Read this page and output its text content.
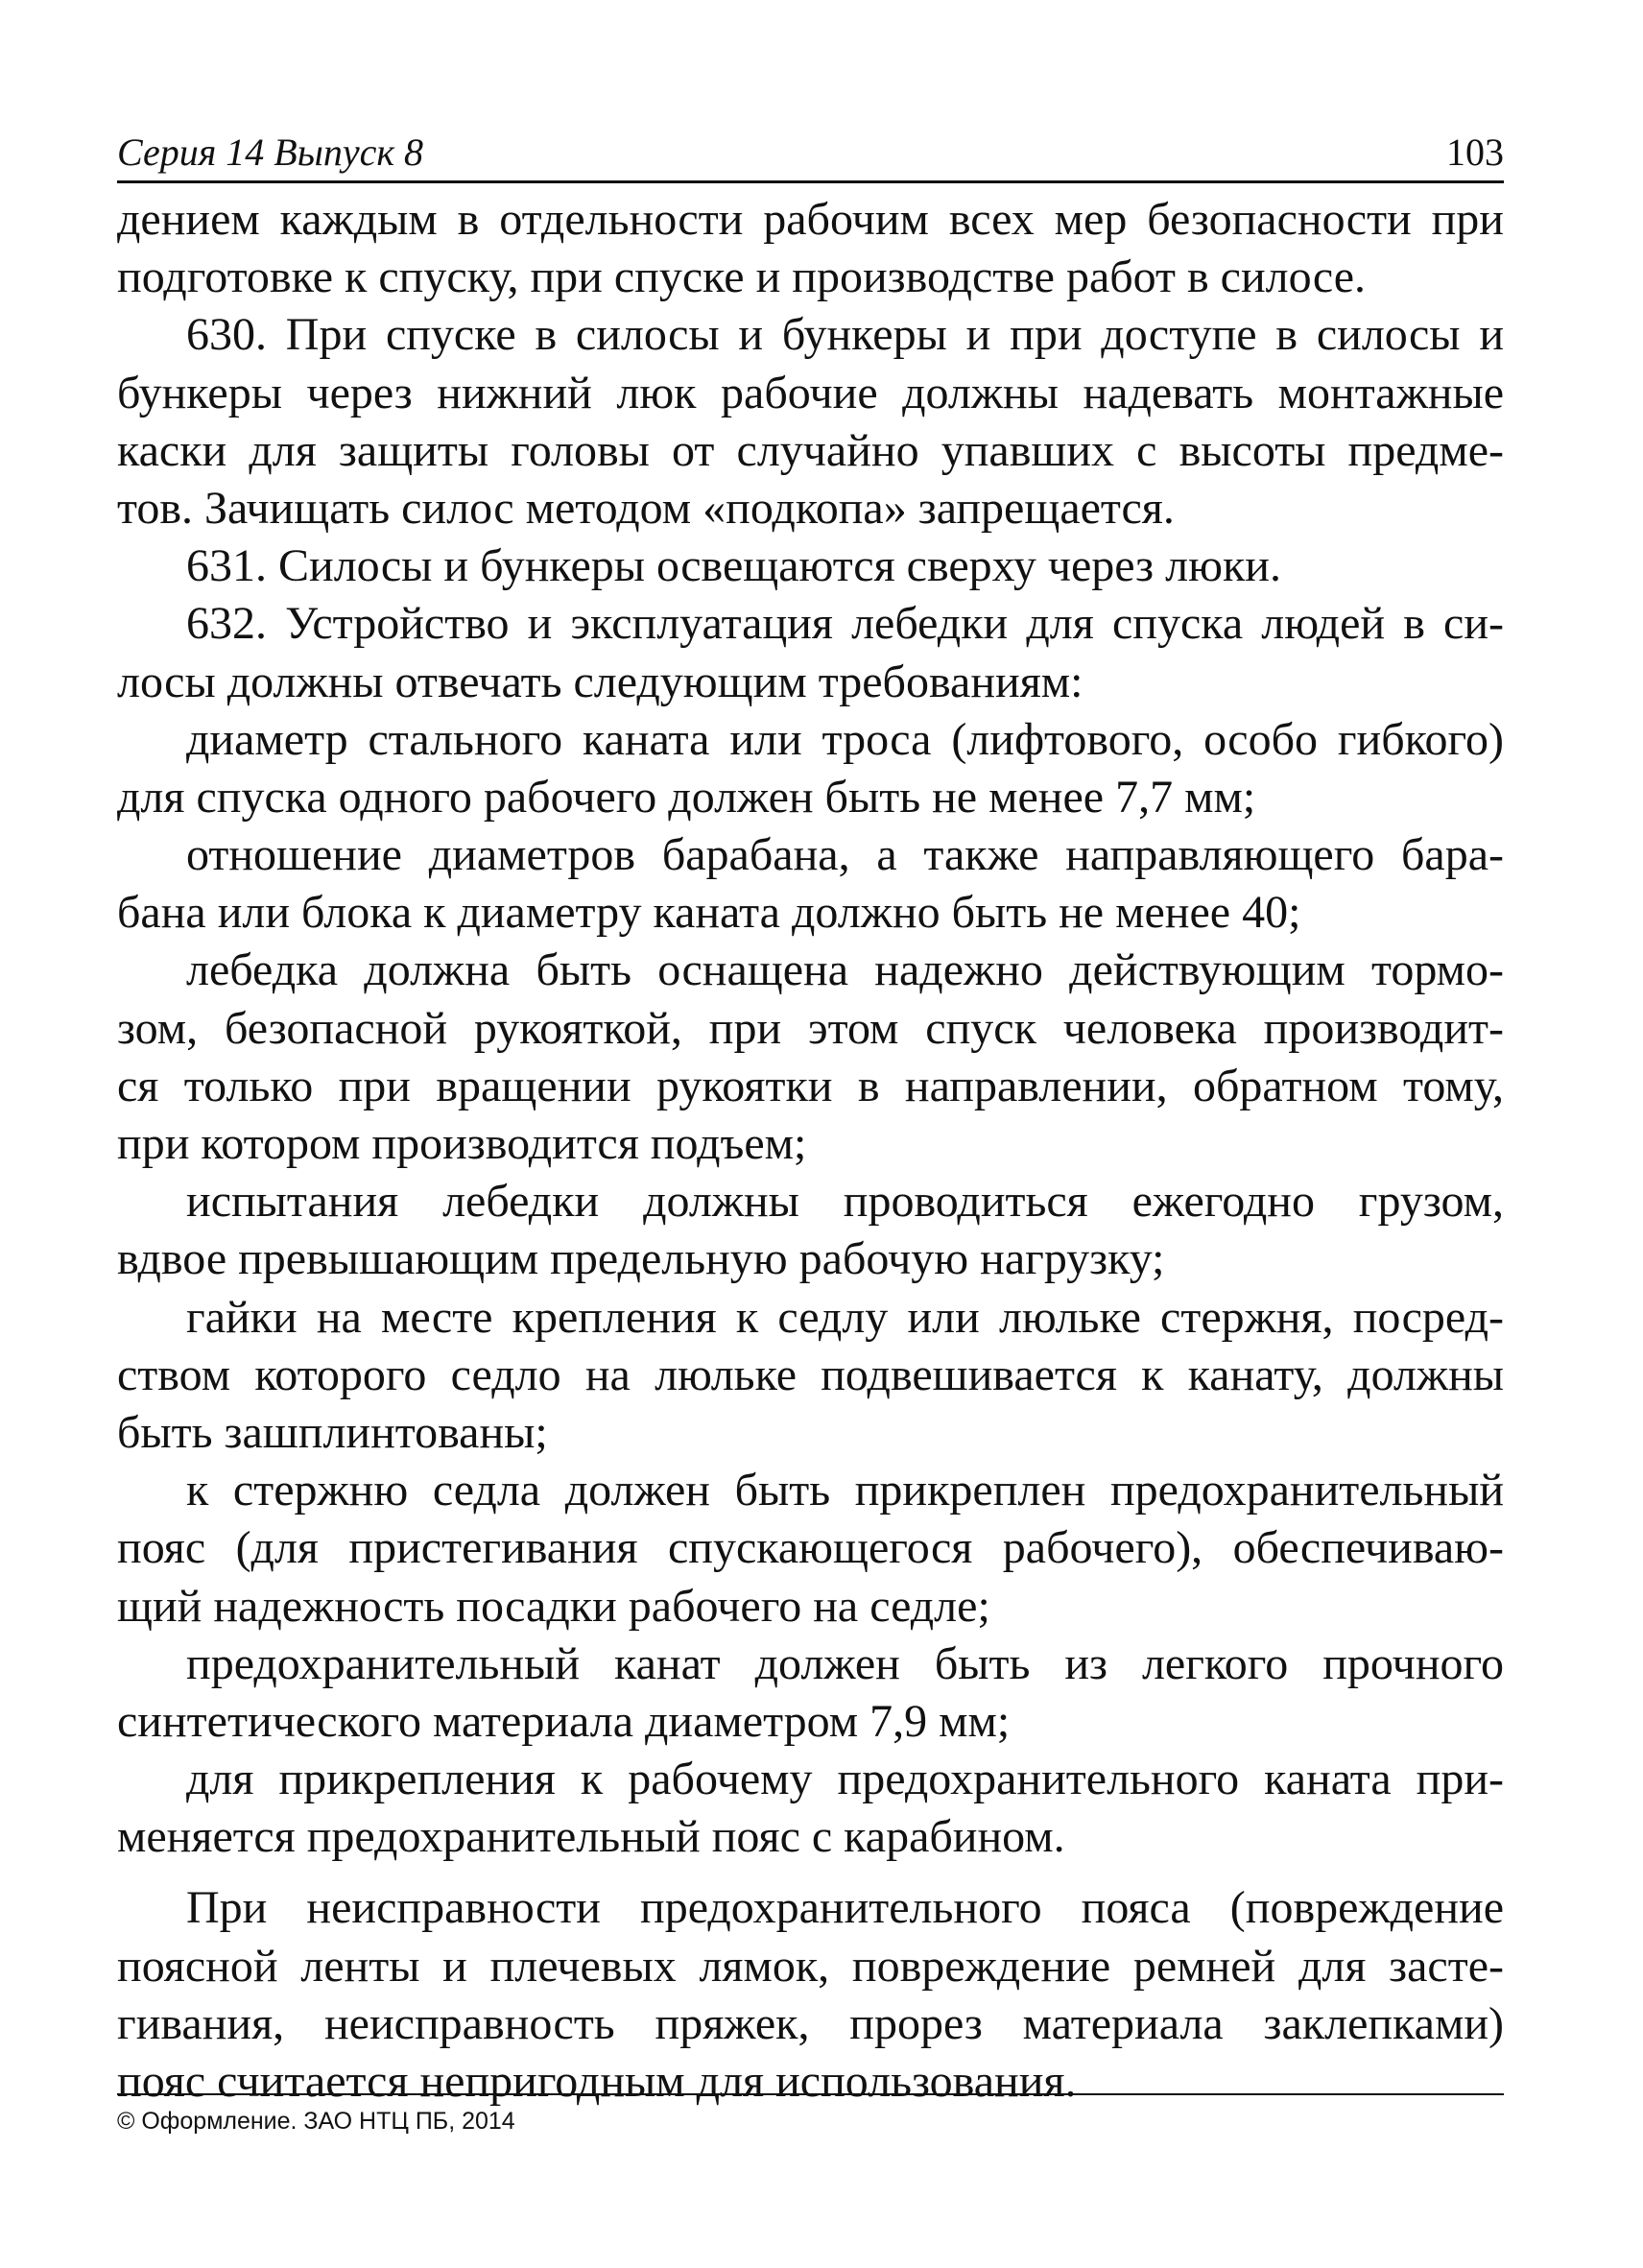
Серия 14 Выпуск 8	103
дением каждым в отдельности рабочим всех мер безопасности при
подготовке к спуску, при спуске и производстве работ в силосе.
630. При спуске в силосы и бункеры и при доступе в силосы и
бункеры через нижний люк рабочие должны надевать монтажные
каски для защиты головы от случайно упавших с высоты предме-
тов. Зачищать силос методом «подкопа» запрещается.
631. Силосы и бункеры освещаются сверху через люки.
632. Устройство и эксплуатация лебедки для спуска людей в си-
лосы должны отвечать следующим требованиям:
диаметр стального каната или троса (лифтового, особо гибкого)
для спуска одного рабочего должен быть не менее 7,7 мм;
отношение диаметров барабана, а также направляющего бара-
бана или блока к диаметру каната должно быть не менее 40;
лебедка должна быть оснащена надежно действующим тормо-
зом, безопасной рукояткой, при этом спуск человека производит-
ся только при вращении рукоятки в направлении, обратном тому,
при котором производится подъем;
испытания лебедки должны проводиться ежегодно грузом,
вдвое превышающим предельную рабочую нагрузку;
гайки на месте крепления к седлу или люльке стержня, посред-
ством которого седло на люльке подвешивается к канату, должны
быть зашплинтованы;
к стержню седла должен быть прикреплен предохранительный
пояс (для пристегивания спускающегося рабочего), обеспечиваю-
щий надежность посадки рабочего на седле;
предохранительный канат должен быть из легкого прочного
синтетического материала диаметром 7,9 мм;
для прикрепления к рабочему предохранительного каната при-
меняется предохранительный пояс с карабином.
При неисправности предохранительного пояса (повреждение
поясной ленты и плечевых лямок, повреждение ремней для засте-
гивания, неисправность пряжек, прорез материала заклепками)
пояс считается непригодным для использования.
© Оформление. ЗАО НТЦ ПБ, 2014
